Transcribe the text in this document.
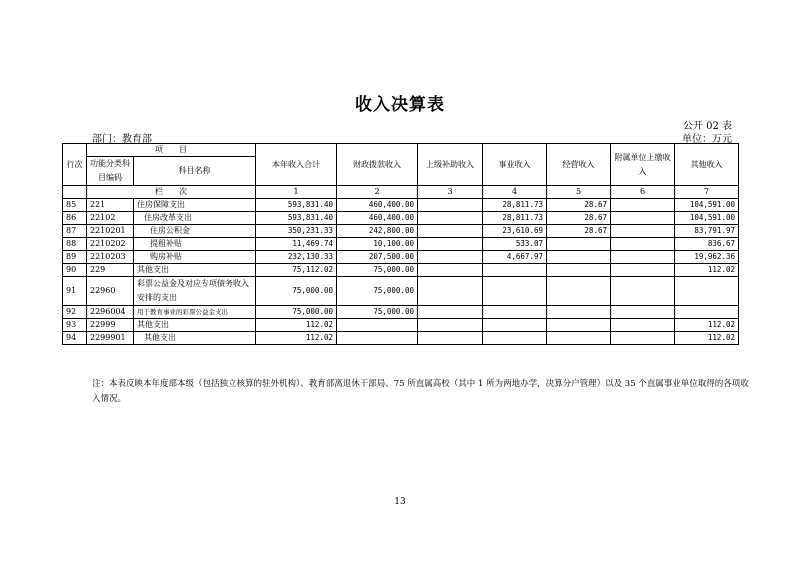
收入决算表
公开 02 表
部门：教育部	单位：万元
行次	项　　目		本年收入合计	财政拨款收入	上级补助收入	事业收入	经营收入	附属单位上缴收入	其他收入
	功能分类科目编码	科目名称							

	栏　　次		1	2	3	4	5	6	7
85	221	住房保障支出	593,831.40	460,400.00		28,811.73	28.67		104,591.00
86	22102	住房改革支出	593,831.40	460,400.00		28,811.73	28.67		104,591.00
87	2210201	住房公积金	350,231.33	242,800.00		23,610.69	28.67		83,791.97
88	2210202	提租补贴	11,469.74	10,100.00		533.07			836.67
89	2210203	购房补贴	232,130.33	207,500.00		4,667.97			19,962.36
90	229	其他支出	75,112.02	75,000.00					112.02
91	22960	彩票公益金及对应专项债务收入安排的支出	75,000.00	75,000.00					
92	2296004	用于教育事业的彩票公益金支出	75,000.00	75,000.00					
93	22999	其他支出	112.02						112.02
94	2299901	其他支出	112.02						112.02
注：本表反映本年度部本级（包括独立核算的驻外机构）、教育部离退休干部局、75 所直属高校（其中 1 所为两地办学，决算分户管理）以及 35 个直属事业单位取得的各项收入情况。
13
